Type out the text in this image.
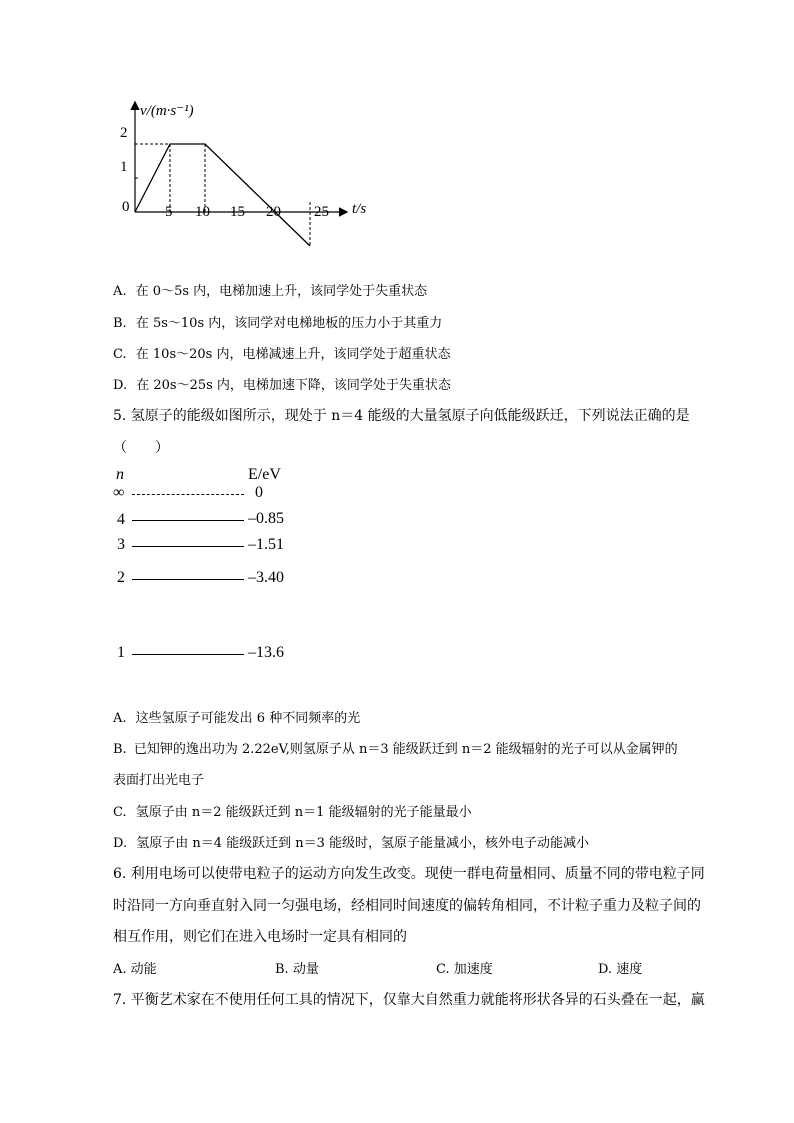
v/(m·s⁻¹)
t/s
0
2
1
5 10 15 20 25
A. 在 0～5s 内，电梯加速上升，该同学处于失重状态
B. 在 5s～10s 内，该同学对电梯地板的压力小于其重力
C. 在 10s～20s 内，电梯减速上升，该同学处于超重状态
D. 在 20s～25s 内，电梯加速下降，该同学处于失重状态
5. 氢原子的能级如图所示，现处于 n＝4 能级的大量氢原子向低能级跃迁，下列说法正确的是
（　　）
n	E/eV
∞	0
4	–0.85
3	–1.51
2	–3.40
1	–13.6
A. 这些氢原子可能发出 6 种不同频率的光
B. 已知钾的逸出功为 2.22eV,则氢原子从 n＝3 能级跃迁到 n＝2 能级辐射的光子可以从金属钾的
表面打出光电子
C. 氢原子由 n＝2 能级跃迁到 n＝1 能级辐射的光子能量最小
D. 氢原子由 n＝4 能级跃迁到 n＝3 能级时，氢原子能量减小，核外电子动能减小
6. 利用电场可以使带电粒子的运动方向发生改变。现使一群电荷量相同、质量不同的带电粒子同
时沿同一方向垂直射入同一匀强电场，经相同时间速度的偏转角相同，不计粒子重力及粒子间的
相互作用，则它们在进入电场时一定具有相同的
A. 动能	B. 动量	C. 加速度	D. 速度
7. 平衡艺术家在不使用任何工具的情况下，仅靠大自然重力就能将形状各异的石头叠在一起，赢
